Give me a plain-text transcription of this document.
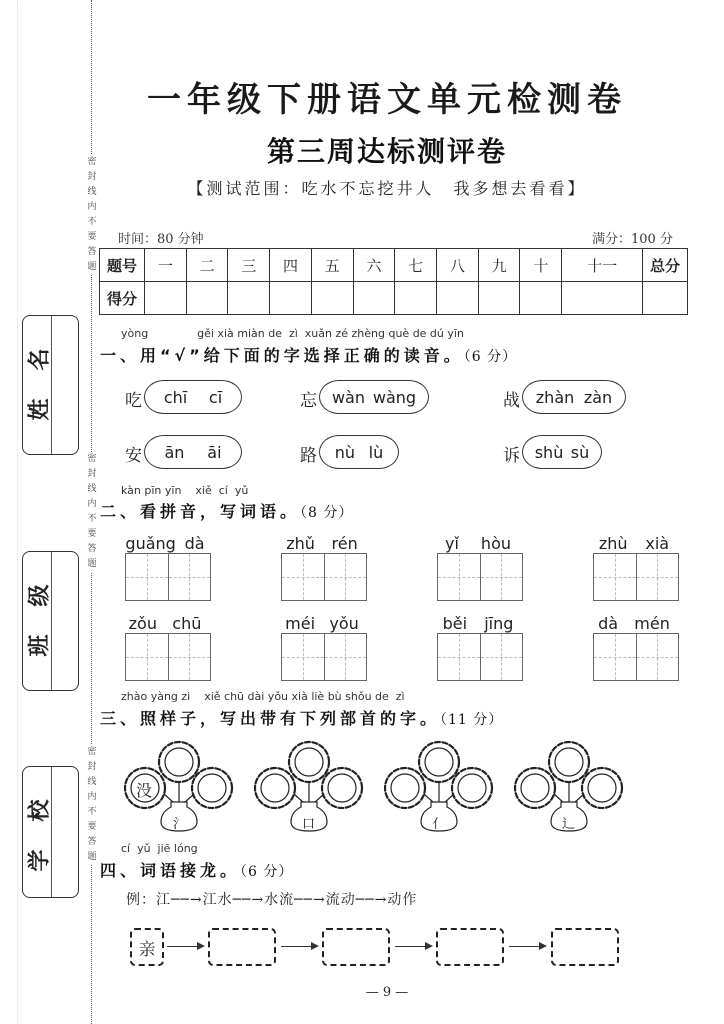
密
封
线
内
不
要
答
题
密
封
线
内
不
要
答
题
密
封
线
内
不
要
答
题
姓
名
班
级
学
校
一年级下册语文单元检测卷
第三周达标测评卷
【测试范围：吃水不忘挖井人　我多想去看看】
时间：80 分钟	满分：100 分
题号	一	二	三	四	五	六	七	八	九	十	十一	总分
得分												
yòng              gěi xià miàn de  zì  xuǎn zé zhèng què de dú yīn
一、用“√”给下面的字选择正确的读音。（6 分）
吃 chī cī	忘 wàn wàng	战 zhàn zàn
安 ān āi	路 nù lù	诉 shù sù
kàn pīn yīn    xiě  cí  yǔ
二、看拼音，写词语。（8 分）
guǎng dà	zhǔ rén	yǐ hòu	zhù xià
zǒu chū	méi yǒu	běi jīng	dà mén
zhào yàng zi    xiě chū dài yǒu xià liè bù shǒu de  zì
三、照样子，写出带有下列部首的字。（11 分）
没
氵	口	亻	辶
cí  yǔ  jiē lóng
四、词语接龙。（6 分）
例：江──→江水──→水流──→流动──→动作
亲
— 9 —
